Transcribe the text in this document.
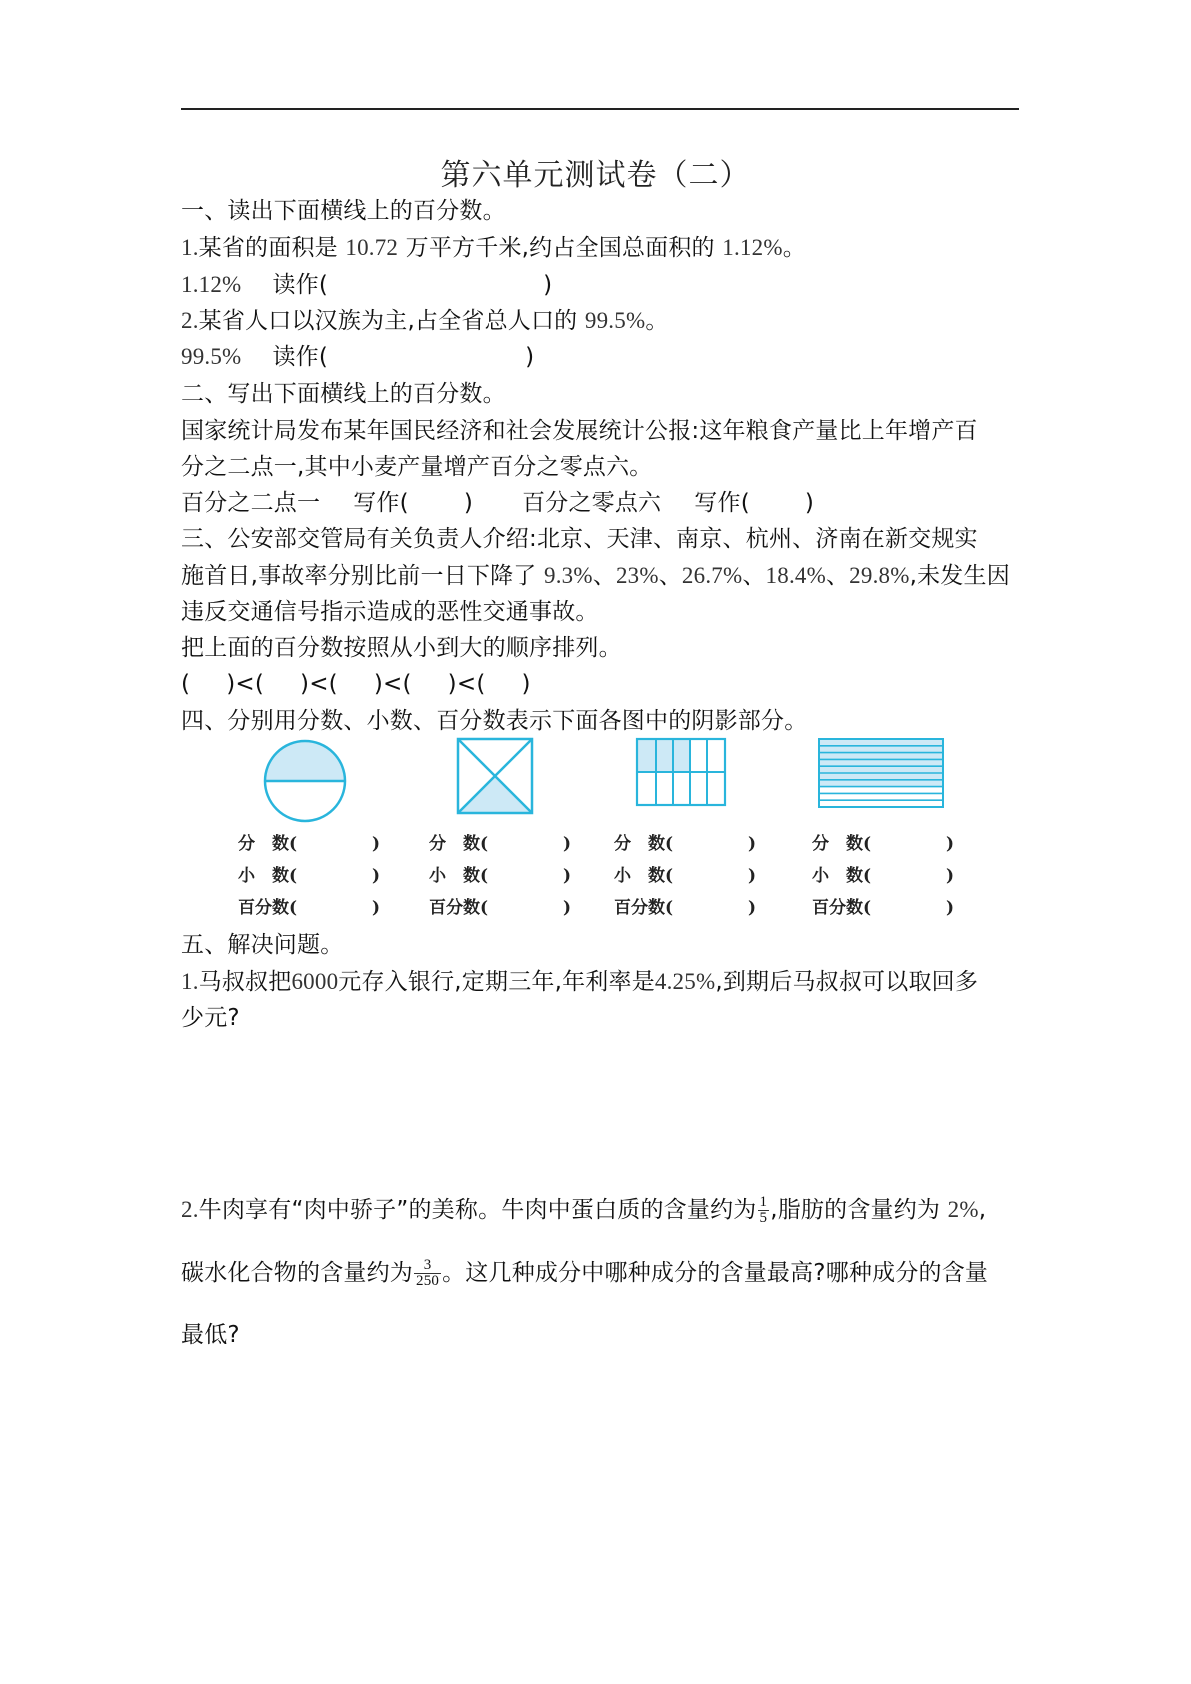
第六单元测试卷（二）
一、读出下面横线上的百分数。
1.某省的面积是 10.72 万平方千米,约占全国总面积的 1.12%。
1.12% 读作(	)
2.某省人口以汉族为主,占全省总人口的 99.5%。
99.5% 读作(	)
二、写出下面横线上的百分数。
国家统计局发布某年国民经济和社会发展统计公报:这年粮食产量比上年增产百
分之二点一,其中小麦产量增产百分之零点六。
百分之二点一 写作( ) 百分之零点六 写作( )
三、公安部交管局有关负责人介绍:北京、天津、南京、杭州、济南在新交规实
施首日,事故率分别比前一日下降了 9.3%、23%、26.7%、18.4%、29.8%,未发生因
违反交通信号指示造成的恶性交通事故。
把上面的百分数按照从小到大的顺序排列。
( )<( )<( )<( )<( )
四、分别用分数、小数、百分数表示下面各图中的阴影部分。
分　数(	)
小　数(	)
百分数(	)
分　数(	)
小　数(	)
百分数(	)
分　数(	)
小　数(	)
百分数(	)
分　数(	)
小　数(	)
百分数(	)
五、解决问题。
1.马叔叔把6000元存入银行,定期三年,年利率是4.25%,到期后马叔叔可以取回多
少元?
2.牛肉享有“肉中骄子”的美称。牛肉中蛋白质的含量约为 $\frac{1}{5}$ ,脂肪的含量约为 2%,
碳水化合物的含量约为 $\frac{3}{250}$ 。这几种成分中哪种成分的含量最高?哪种成分的含量
最低?
